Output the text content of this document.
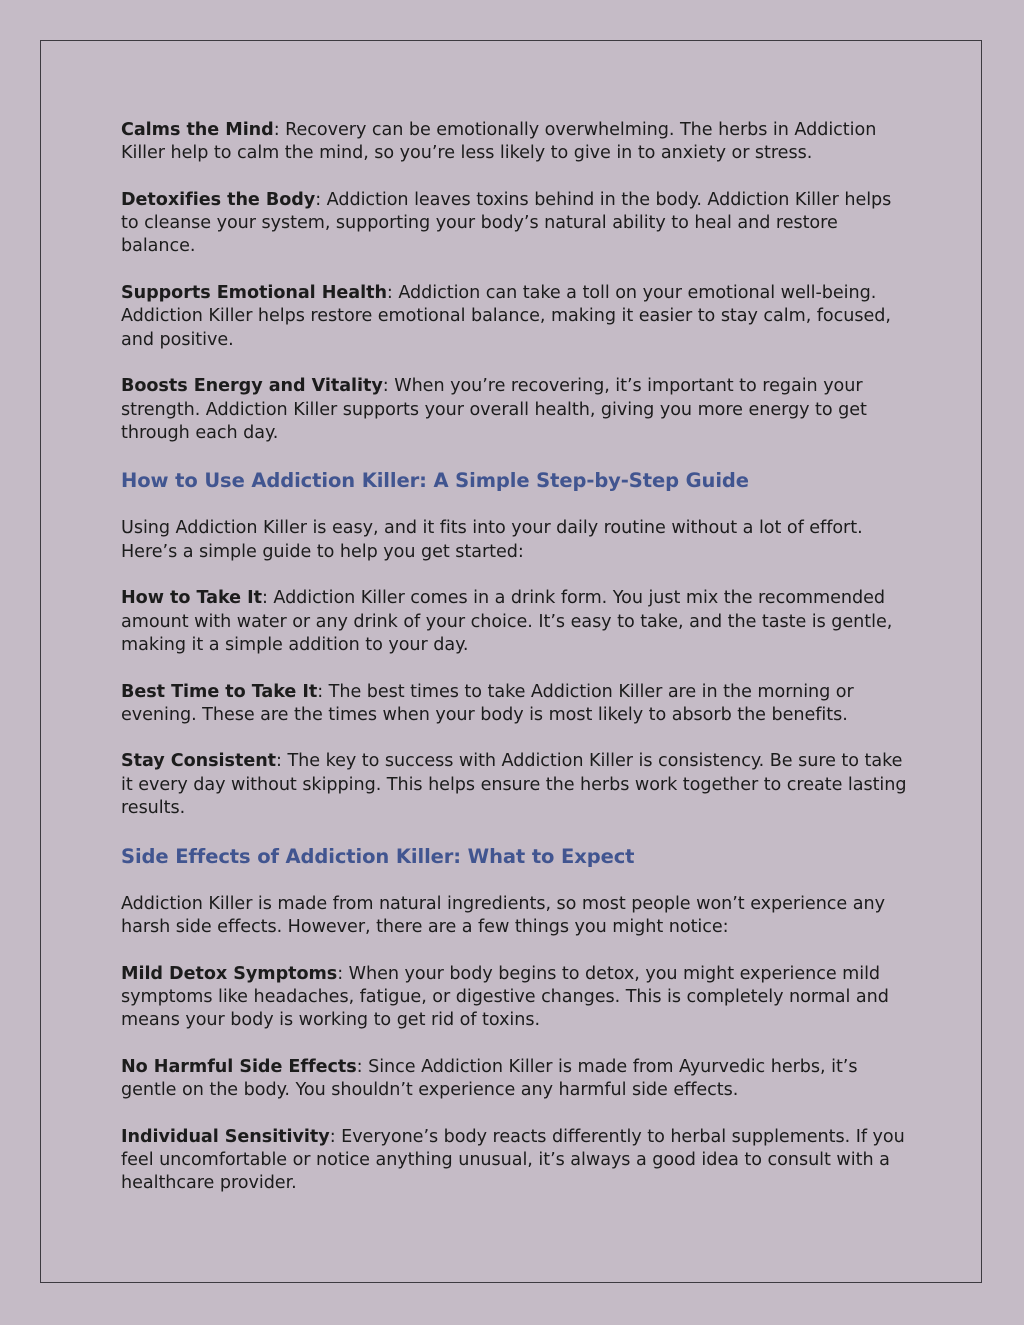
Calms the Mind: Recovery can be emotionally overwhelming. The herbs in Addiction Killer help to calm the mind, so you’re less likely to give in to anxiety or stress.

Detoxifies the Body: Addiction leaves toxins behind in the body. Addiction Killer helps to cleanse your system, supporting your body’s natural ability to heal and restore balance.

Supports Emotional Health: Addiction can take a toll on your emotional well-being. Addiction Killer helps restore emotional balance, making it easier to stay calm, focused, and positive.

Boosts Energy and Vitality: When you’re recovering, it’s important to regain your strength. Addiction Killer supports your overall health, giving you more energy to get through each day.

How to Use Addiction Killer: A Simple Step-by-Step Guide

Using Addiction Killer is easy, and it fits into your daily routine without a lot of effort. Here’s a simple guide to help you get started:

How to Take It: Addiction Killer comes in a drink form. You just mix the recommended amount with water or any drink of your choice. It’s easy to take, and the taste is gentle, making it a simple addition to your day.

Best Time to Take It: The best times to take Addiction Killer are in the morning or evening. These are the times when your body is most likely to absorb the benefits.

Stay Consistent: The key to success with Addiction Killer is consistency. Be sure to take it every day without skipping. This helps ensure the herbs work together to create lasting results.

Side Effects of Addiction Killer: What to Expect

Addiction Killer is made from natural ingredients, so most people won’t experience any harsh side effects. However, there are a few things you might notice:

Mild Detox Symptoms: When your body begins to detox, you might experience mild symptoms like headaches, fatigue, or digestive changes. This is completely normal and means your body is working to get rid of toxins.

No Harmful Side Effects: Since Addiction Killer is made from Ayurvedic herbs, it’s gentle on the body. You shouldn’t experience any harmful side effects.

Individual Sensitivity: Everyone’s body reacts differently to herbal supplements. If you feel uncomfortable or notice anything unusual, it’s always a good idea to consult with a healthcare provider.
